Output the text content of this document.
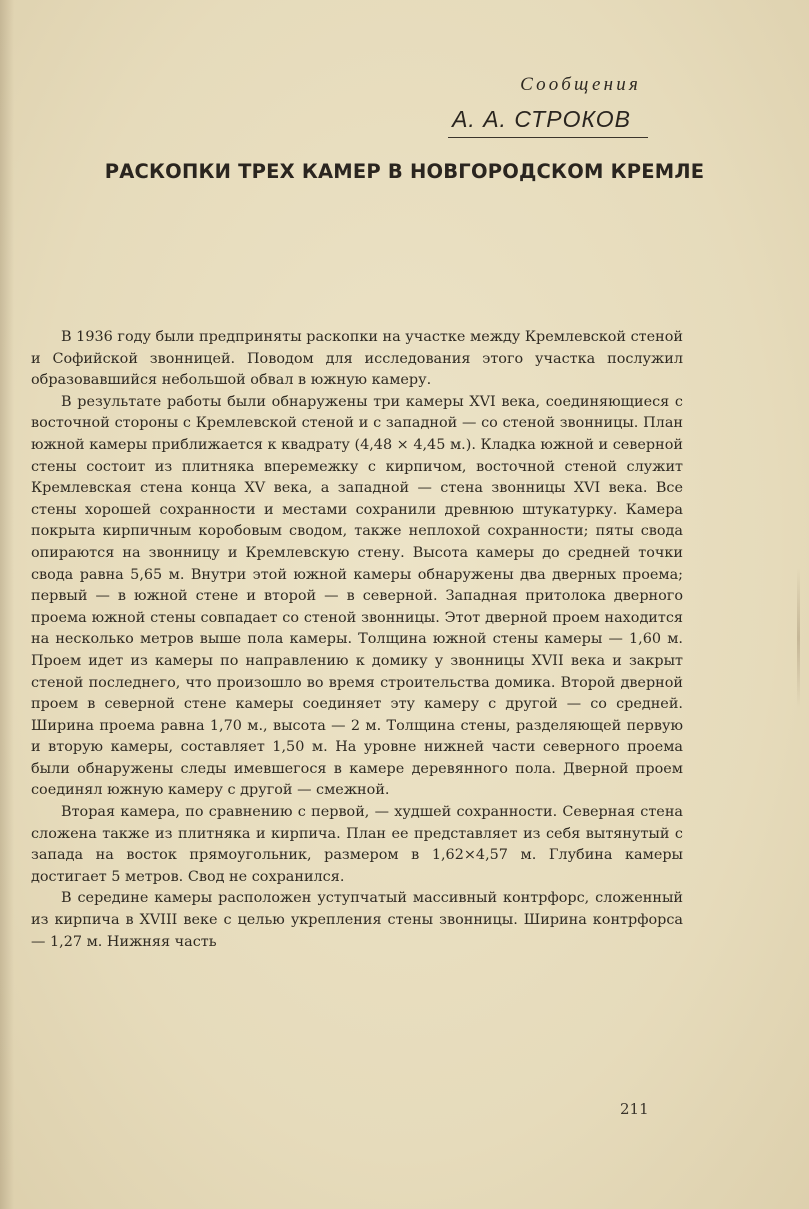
Сообщения
А. А. СТРОКОВ
РАСКОПКИ ТРЕХ КАМЕР В НОВГОРОДСКОМ КРЕМЛЕ

В 1936 году были предприняты раскопки на участке между Кремлевской стеной и Софийской звонницей. Поводом для исследования этого участка послужил образовавшийся небольшой обвал в южную камеру.

В результате работы были обнаружены три камеры XVI века, соединяющиеся с восточной стороны с Кремлевской стеной и с западной — со стеной звонницы. План южной камеры приближается к квадрату (4,48 × 4,45 м.). Кладка южной и северной стены состоит из плитняка вперемежку с кирпичом, восточной стеной служит Кремлевская стена конца XV века, а западной — стена звонницы XVI века. Все стены хорошей сохранности и местами сохранили древнюю штукатурку. Камера покрыта кирпичным коробовым сводом, также неплохой сохранности; пяты свода опираются на звонницу и Кремлевскую стену. Высота камеры до средней точки свода равна 5,65 м. Внутри этой южной камеры обнаружены два дверных проема; первый — в южной стене и второй — в северной. Западная притолока дверного проема южной стены совпадает со стеной звонницы. Этот дверной проем находится на несколько метров выше пола камеры. Толщина южной стены камеры — 1,60 м. Проем идет из камеры по направлению к домику у звонницы XVII века и закрыт стеной последнего, что произошло во время строительства домика. Второй дверной проем в северной стене камеры соединяет эту камеру с другой — со средней. Ширина проема равна 1,70 м., высота — 2 м. Толщина стены, разделяющей первую и вторую камеры, составляет 1,50 м. На уровне нижней части северного проема были обнаружены следы имевшегося в камере деревянного пола. Дверной проем соединял южную камеру с другой — смежной.

Вторая камера, по сравнению с первой, — худшей сохранности. Северная стена сложена также из плитняка и кирпича. План ее представляет из себя вытянутый с запада на восток прямоугольник, размером в 1,62×4,57 м. Глубина камеры достигает 5 метров. Свод не сохранился.

В середине камеры расположен уступчатый массивный контрфорс, сложенный из кирпича в XVIII веке с целью укрепления стены звонницы. Ширина контрфорса — 1,27 м. Нижняя часть

211
